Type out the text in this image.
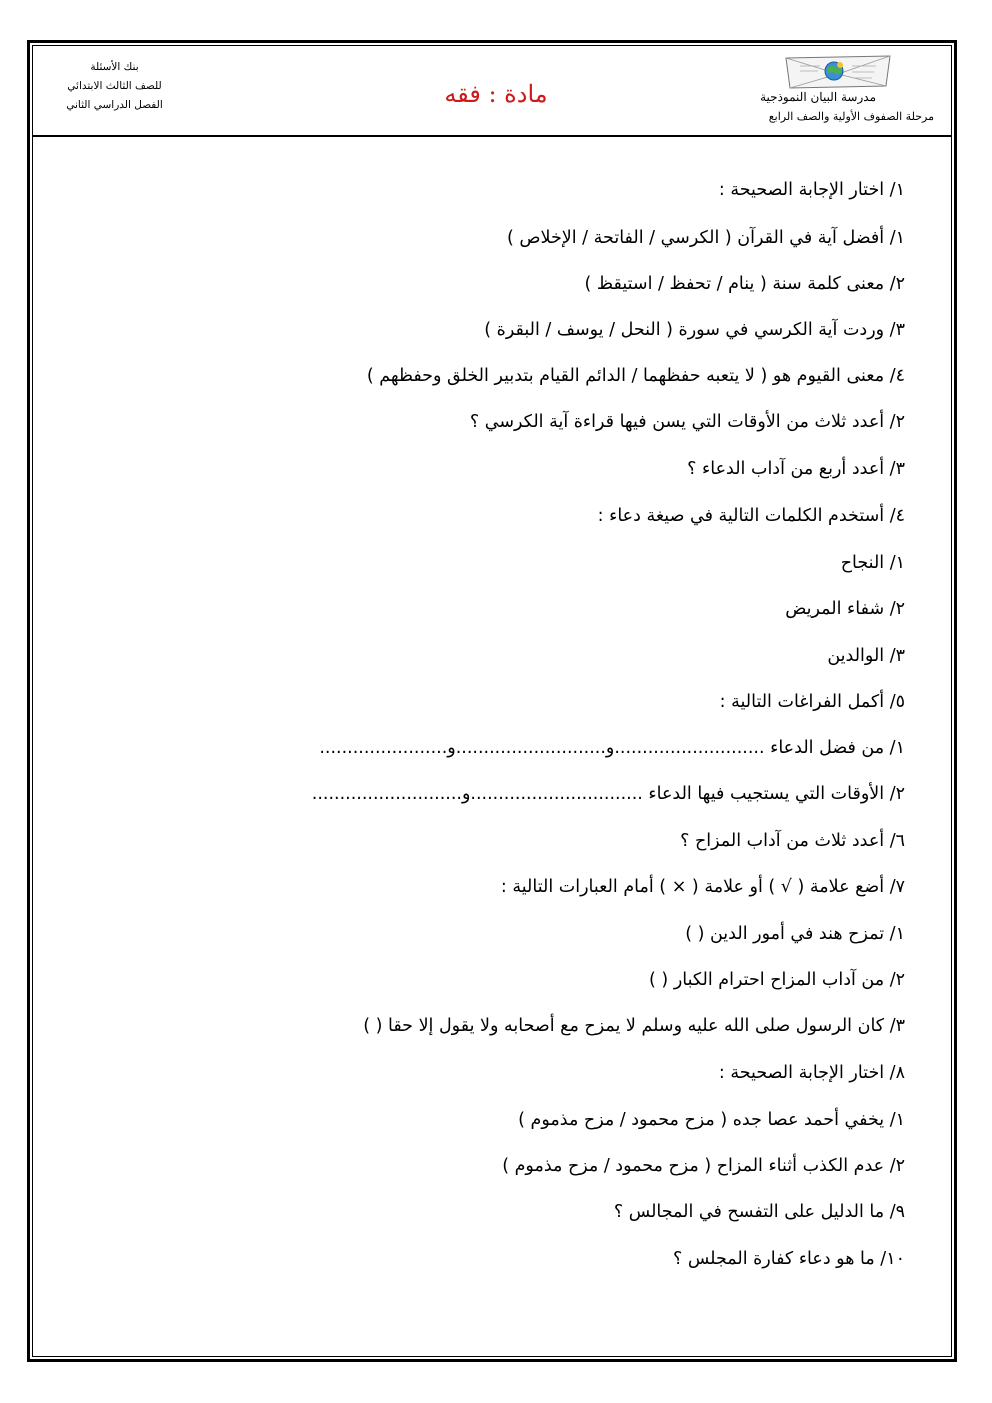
مدرسة البيان النموذجية
مرحلة الصفوف الأولية والصف الرابع
مادة : فقه
بنك الأسئلة
للصف الثالث الابتدائي
الفصل الدراسي الثاني
١/ اختار الإجابة الصحيحة :
١/ أفضل آية في القرآن ( الكرسي / الفاتحة / الإخلاص )
٢/ معنى كلمة سنة ( ينام / تحفظ / استيقظ )
٣/ وردت آية الكرسي في سورة ( النحل / يوسف / البقرة )
٤/ معنى القيوم هو ( لا يتعبه حفظهما / الدائم القيام بتدبير الخلق وحفظهم )
٢/ أعدد ثلاث من الأوقات التي يسن فيها قراءة آية الكرسي ؟
٣/ أعدد أربع من آداب الدعاء ؟
٤/ أستخدم الكلمات التالية في صيغة دعاء :
١/ النجاح
٢/ شفاء المريض
٣/ الوالدين
٥/ أكمل الفراغات التالية :
١/ من فضل الدعاء ...........................و...........................و.......................
٢/ الأوقات التي يستجيب فيها الدعاء ...............................و...........................
٦/ أعدد ثلاث من آداب المزاح ؟
٧/ أضع علامة ( √ ) أو علامة ( × ) أمام العبارات التالية :
١/ تمزح هند في أمور الدين ( )
٢/ من آداب المزاح احترام الكبار ( )
٣/ كان الرسول صلى الله عليه وسلم لا يمزح مع أصحابه ولا يقول إلا حقا ( )
٨/ اختار الإجابة الصحيحة :
١/ يخفي أحمد عصا جده ( مزح محمود / مزح مذموم )
٢/ عدم الكذب أثناء المزاح ( مزح محمود / مزح مذموم )
٩/ ما الدليل على التفسح في المجالس ؟
١٠/ ما هو دعاء كفارة المجلس ؟
